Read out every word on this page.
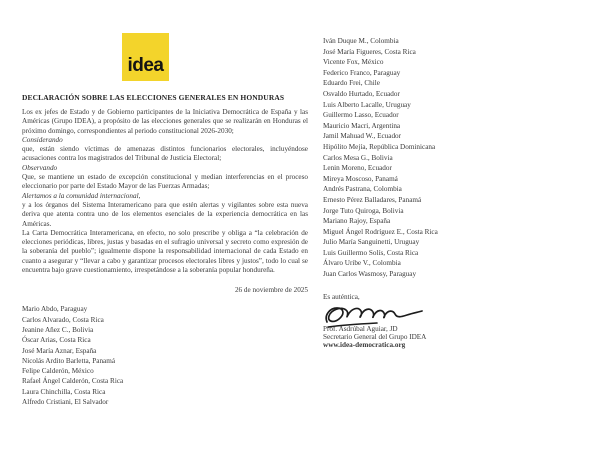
idea
DECLARACIÓN SOBRE LAS ELECCIONES GENERALES EN HONDURAS

Los ex jefes de Estado y de Gobierno participantes de la Iniciativa Democrática de España y las Américas (Grupo IDEA), a propósito de las elecciones generales que se realizarán en Honduras el próximo domingo, correspondientes al periodo constitucional 2026-2030;

Considerando

que, están siendo víctimas de amenazas distintos funcionarios electorales, incluyéndose acusaciones contra los magistrados del Tribunal de Justicia Electoral;

Observando

Que, se mantiene un estado de excepción constitucional y median interferencias en el proceso eleccionario por parte del Estado Mayor de las Fuerzas Armadas;

Alertamos a la comunidad internacional,

y a los órganos del Sistema Interamericano para que estén alertas y vigilantes sobre esta nueva deriva que atenta contra uno de los elementos esenciales de la experiencia democrática en las Américas.

La Carta Democrática Interamericana, en efecto, no solo prescribe y obliga a “la celebración de elecciones periódicas, libres, justas y basadas en el sufragio universal y secreto como expresión de la soberanía del pueblo”; igualmente dispone la responsabilidad internacional de cada Estado en cuanto a asegurar y “llevar a cabo y garantizar procesos electorales libres y justos”, todo lo cual se encuentra bajo grave cuestionamiento, irrespetándose a la soberanía popular hondureña.

26 de noviembre de 2025
Mario Abdo, Paraguay
Carlos Alvarado, Costa Rica
Jeanine Añez C., Bolivia
Óscar Arias, Costa Rica
José María Aznar, España
Nicolás Ardito Barletta, Panamá
Felipe Calderón, México
Rafael Ángel Calderón, Costa Rica
Laura Chinchilla, Costa Rica
Alfredo Cristiani, El Salvador
Iván Duque M., Colombia
José María Figueres, Costa Rica
Vicente Fox, México
Federico Franco, Paraguay
Eduardo Frei, Chile
Osvaldo Hurtado, Ecuador
Luis Alberto Lacalle, Uruguay
Guillermo Lasso, Ecuador
Mauricio Macri, Argentina
Jamil Mahuad W., Ecuador
Hipólito Mejía, República Dominicana
Carlos Mesa G., Bolivia
Lenin Moreno, Ecuador
Mireya Moscoso, Panamá
Andrés Pastrana, Colombia
Ernesto Pérez Balladares, Panamá
Jorge Tuto Quiroga, Bolivia
Mariano Rajoy, España
Miguel Ángel Rodríguez E., Costa Rica
Julio María Sanguinetti, Uruguay
Luis Guillermo Solís, Costa Rica
Álvaro Uribe V., Colombia
Juan Carlos Wasmosy, Paraguay
Es auténtica,
Prof. Asdrúbal Aguiar, JD
Secretario General del Grupo IDEA
www.idea-democratica.org
